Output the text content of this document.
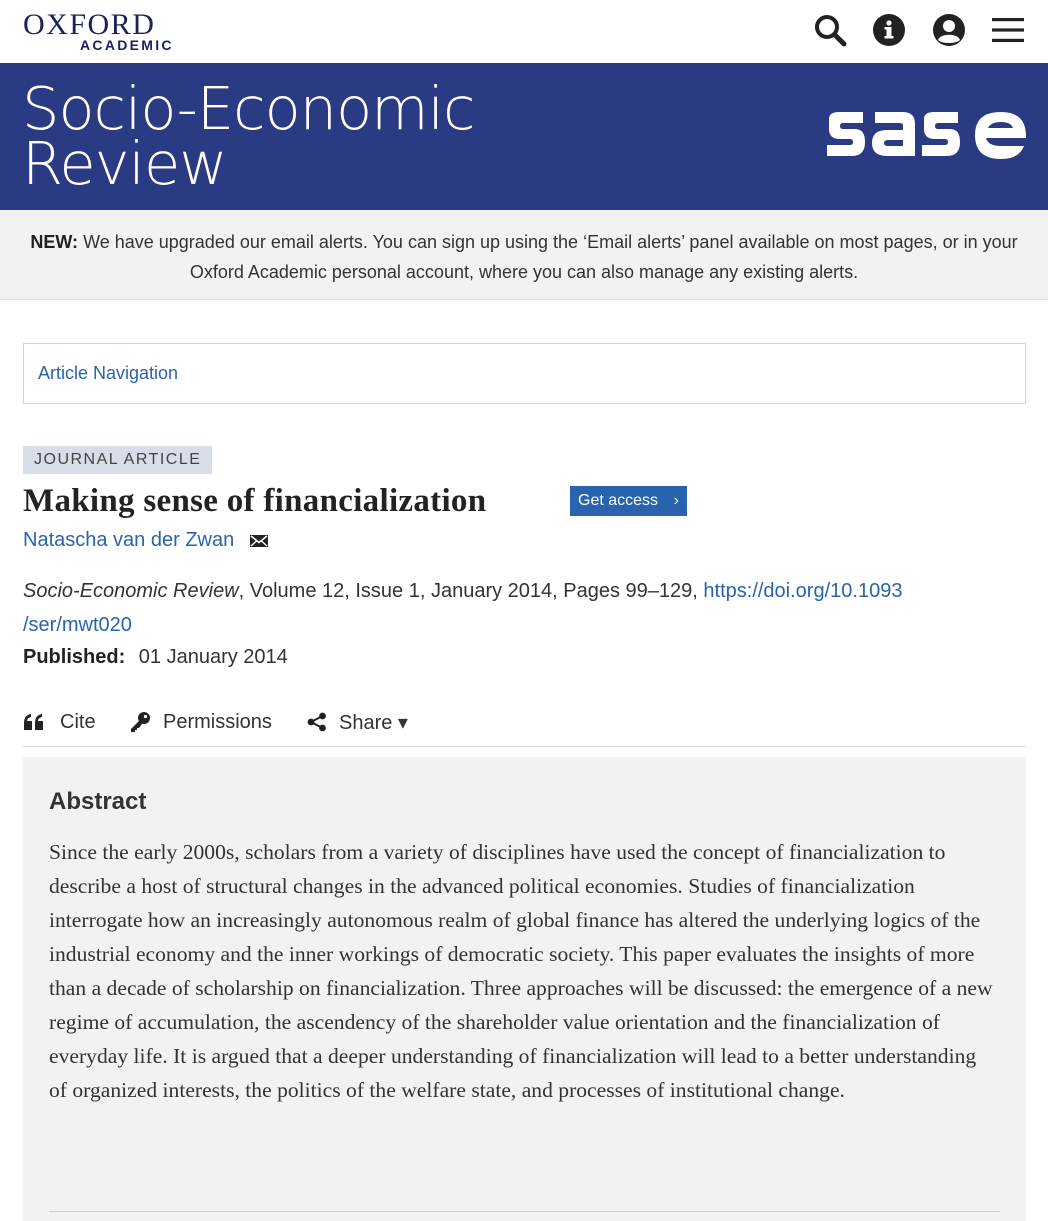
OXFORD
ACADEMIC
Socio-Economic
Review
NEW: We have upgraded our email alerts. You can sign up using the ‘Email alerts’ panel available on most pages, or in your Oxford Academic personal account, where you can also manage any existing alerts.
Article Navigation
JOURNAL ARTICLE
Making sense of financialization	Get access ›
Natascha van der Zwan
Socio-Economic Review, Volume 12, Issue 1, January 2014, Pages 99–129, https://doi.org/10.1093
/ser/mwt020
Published: 01 January 2014
Cite	Permissions	Share ▾
Abstract

Since the early 2000s, scholars from a variety of disciplines have used the concept of financialization to describe a host of structural changes in the advanced political economies. Studies of financialization interrogate how an increasingly autonomous realm of global finance has altered the underlying logics of the industrial economy and the inner workings of democratic society. This paper evaluates the insights of more than a decade of scholarship on financialization. Three approaches will be discussed: the emergence of a new regime of accumulation, the ascendency of the shareholder value orientation and the financialization of everyday life. It is argued that a deeper understanding of financialization will lead to a better understanding of organized interests, the politics of the welfare state, and processes of institutional change.
